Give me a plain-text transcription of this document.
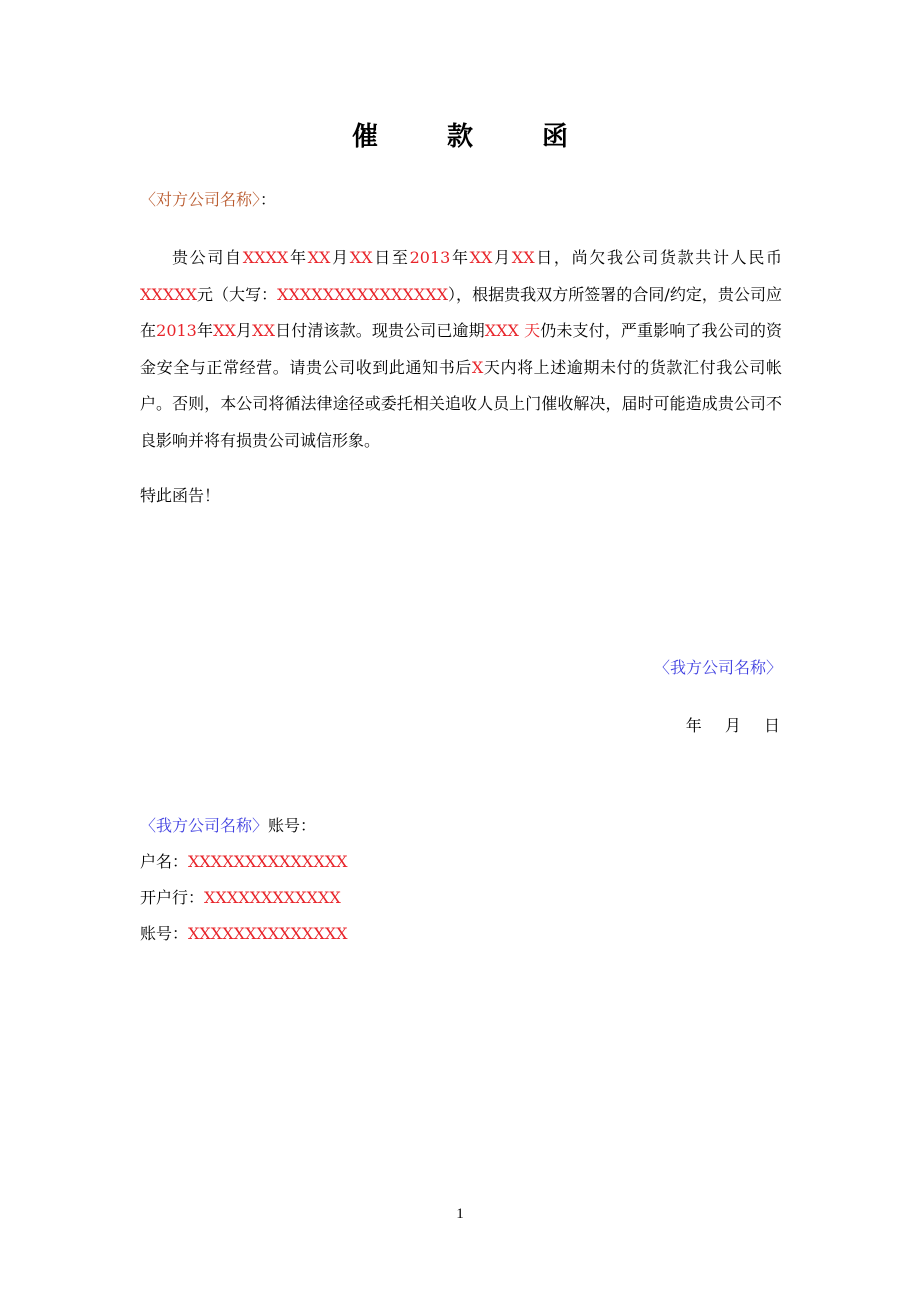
催 款 函
〈对方公司名称〉：

贵公司自XXXX年XX月XX日至2013年XX月XX日，尚欠我公司货款共计人民币XXXXX元（大写：XXXXXXXXXXXXXXX），根据贵我双方所签署的合同/约定，贵公司应在2013年XX月XX日付清该款。现贵公司已逾期XXX 天仍未支付，严重影响了我公司的资金安全与正常经营。请贵公司收到此通知书后X天内将上述逾期未付的货款汇付我公司帐户。否则，本公司将循法律途径或委托相关追收人员上门催收解决，届时可能造成贵公司不良影响并将有损贵公司诚信形象。

特此函告！
〈我方公司名称〉
年 月 日
〈我方公司名称〉账号：
户名：XXXXXXXXXXXXXX
开户行：XXXXXXXXXXXX
账号：XXXXXXXXXXXXXX
1
